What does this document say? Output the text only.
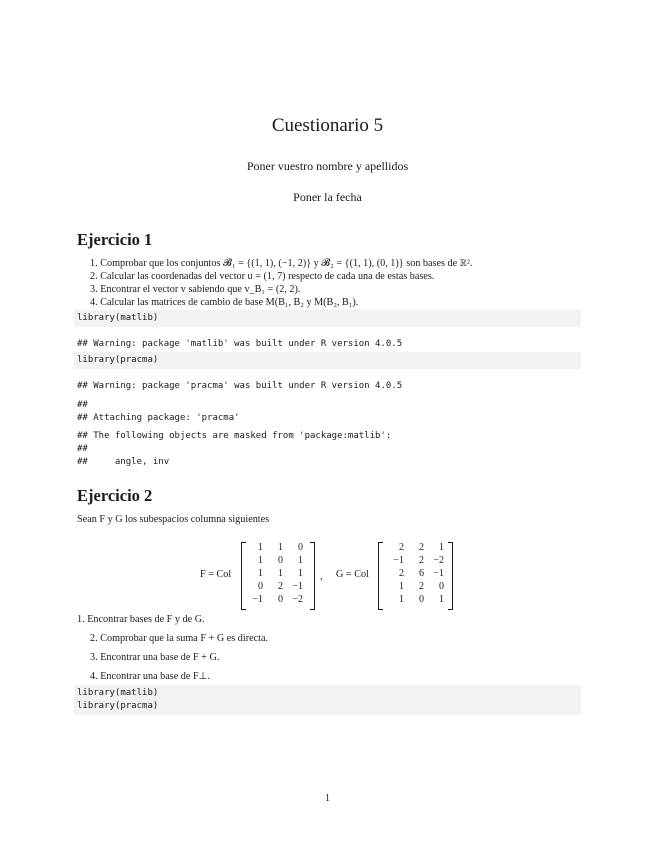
Cuestionario 5
Poner vuestro nombre y apellidos
Poner la fecha
Ejercicio 1
1. Comprobar que los conjuntos 𝓑₁ = {(1, 1), (−1, 2)} y 𝓑₂ = {(1, 1), (0, 1)} son bases de ℝ².
2. Calcular las coordenadas del vector u = (1, 7) respecto de cada una de estas bases.
3. Encontrar el vector v sabiendo que v_B₁ = (2, 2).
4. Calcular las matrices de cambio de base M(B₁, B₂ y M(B₂, B₁).
library(matlib)
## Warning: package 'matlib' was built under R version 4.0.5
library(pracma)
## Warning: package 'pracma' was built under R version 4.0.5
##
## Attaching package: 'pracma'
## The following objects are masked from 'package:matlib':
##
##     angle, inv
Ejercicio 2
Sean F y G los subespacios columna siguientes
F = Col
1	1	0
1	0	1
1	1	1
0	2 −1
−1	0 −2
, G = Col
2	2	1
−1	2 −2
2	6 −1
1	2	0
1	0	1
1. Encontrar bases de F y de G.
2. Comprobar que la suma F + G es directa.
3. Encontrar una base de F + G.
4. Encontrar una base de F⊥.
library(matlib)
library(pracma)
1
